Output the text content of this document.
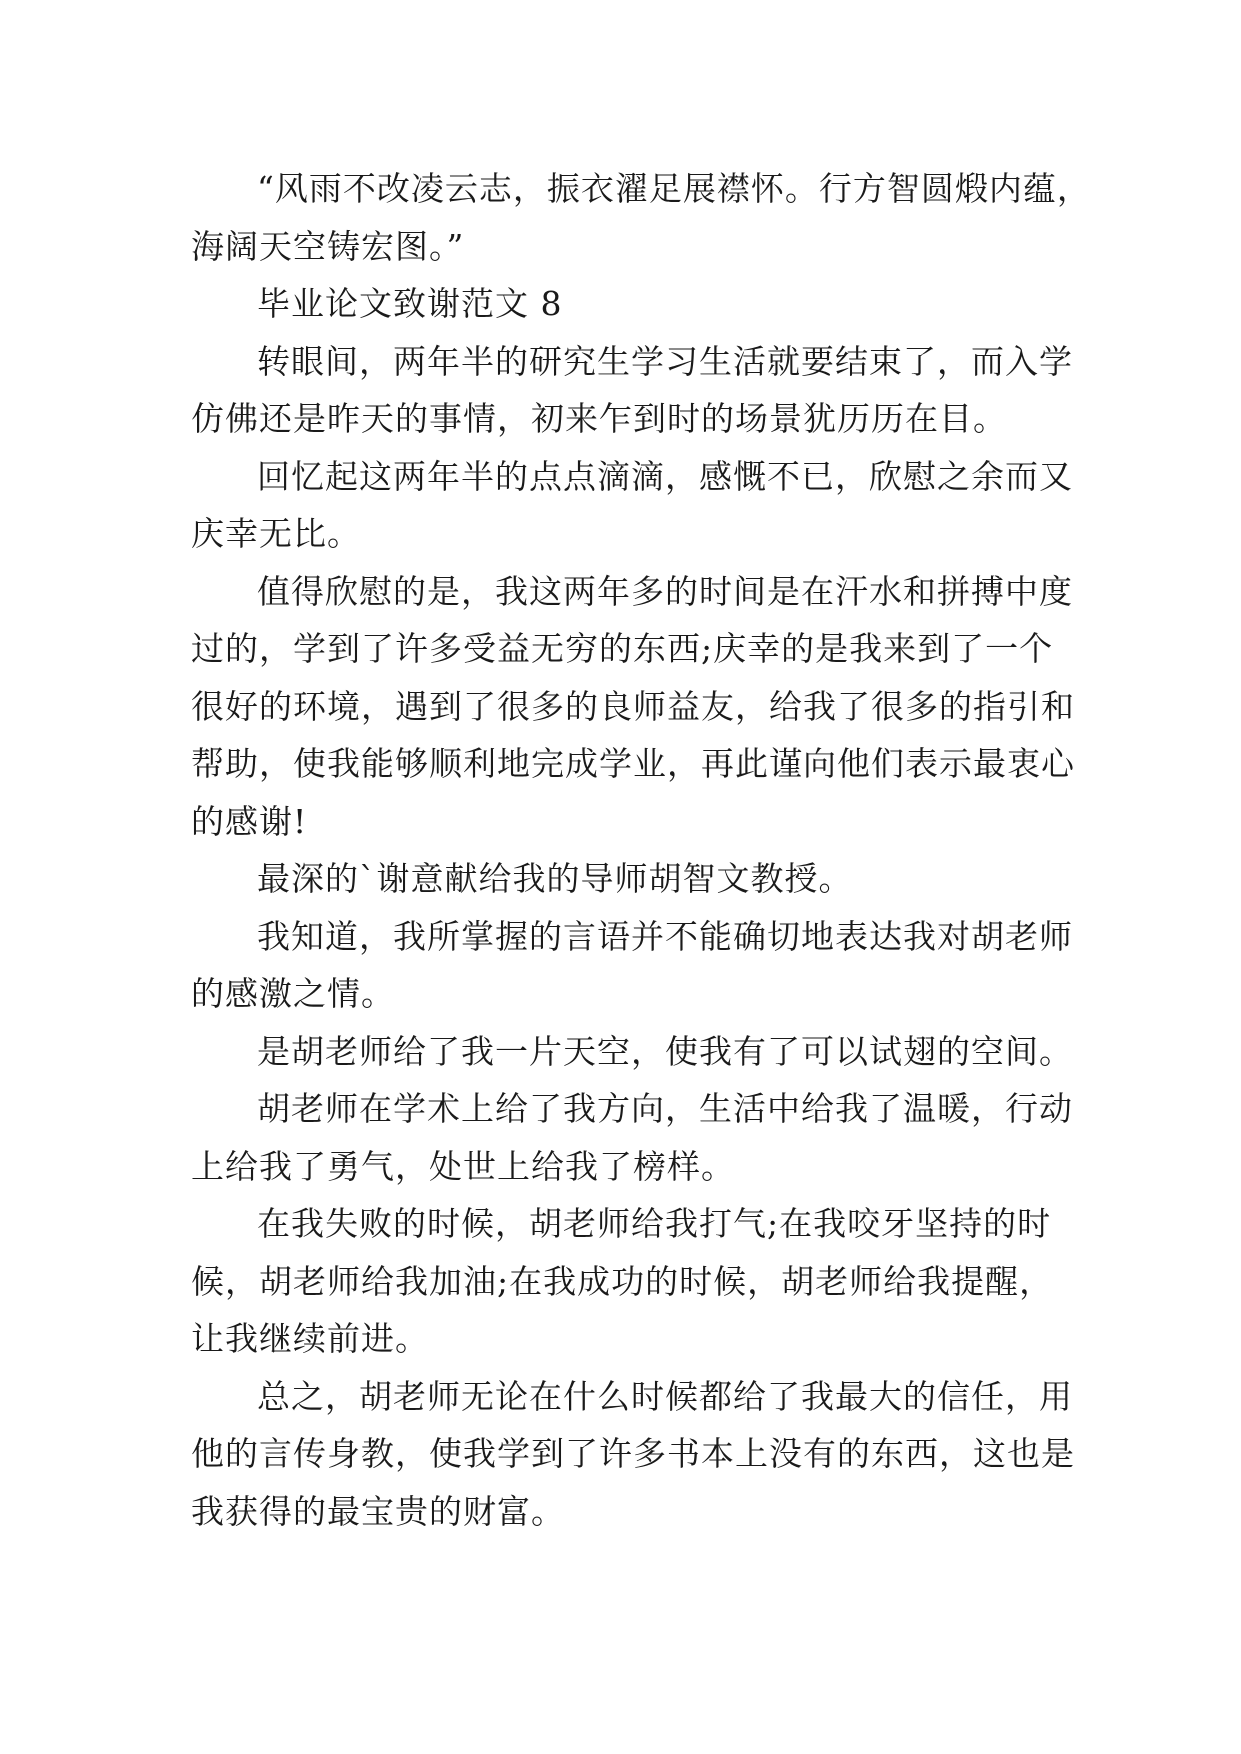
“风雨不改凌云志，振衣濯足展襟怀。行方智圆煅内蕴，
海阔天空铸宏图。”
毕业论文致谢范文 8
转眼间，两年半的研究生学习生活就要结束了，而入学
仿佛还是昨天的事情，初来乍到时的场景犹历历在目。
回忆起这两年半的点点滴滴，感慨不已，欣慰之余而又
庆幸无比。
值得欣慰的是，我这两年多的时间是在汗水和拼搏中度
过的，学到了许多受益无穷的东西;庆幸的是我来到了一个
很好的环境，遇到了很多的良师益友，给我了很多的指引和
帮助，使我能够顺利地完成学业，再此谨向他们表示最衷心
的感谢!
最深的`谢意献给我的导师胡智文教授。
我知道，我所掌握的言语并不能确切地表达我对胡老师
的感激之情。
是胡老师给了我一片天空，使我有了可以试翅的空间。
胡老师在学术上给了我方向，生活中给我了温暖，行动
上给我了勇气，处世上给我了榜样。
在我失败的时候，胡老师给我打气;在我咬牙坚持的时
候，胡老师给我加油;在我成功的时候，胡老师给我提醒，
让我继续前进。
总之，胡老师无论在什么时候都给了我最大的信任，用
他的言传身教，使我学到了许多书本上没有的东西，这也是
我获得的最宝贵的财富。
